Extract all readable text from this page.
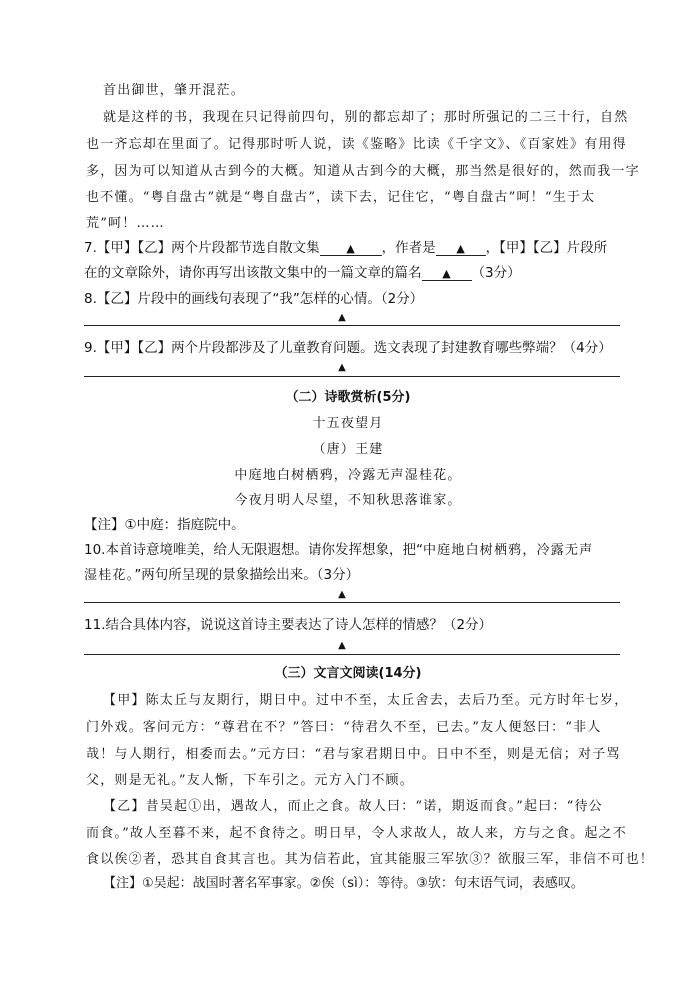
首出御世，肇开混茫。
就是这样的书，我现在只记得前四句，别的都忘却了；那时所强记的二三十行，自然
也一齐忘却在里面了。记得那时听人说，读《鉴略》比读《千字文》、《百家姓》有用得
多，因为可以知道从古到今的大概。知道从古到今的大概，那当然是很好的，然而我一字
也不懂。“粤自盘古”就是“粤自盘古”，读下去，记住它，“粤自盘古”呵！“生于太
荒”呵！……
7.【甲】【乙】两个片段都节选自散文集 ▲ ，作者是 ▲ ，【甲】【乙】片段所
在的文章除外，请你再写出该散文集中的一篇文章的篇名 ▲ （3分）
8.【乙】片段中的画线句表现了“我”怎样的心情。（2分）
▲
9.【甲】【乙】两个片段都涉及了儿童教育问题。选文表现了封建教育哪些弊端？（4分）
▲
（二）诗歌赏析(5分)
十五夜望月
（唐）王建
中庭地白树栖鸦，冷露无声湿桂花。
今夜月明人尽望，不知秋思落谁家。
【注】①中庭：指庭院中。
10.本首诗意境唯美，给人无限遐想。请你发挥想象，把“中庭地白树栖鸦，冷露无声
湿桂花。”两句所呈现的景象描绘出来。（3分）
▲
11.结合具体内容，说说这首诗主要表达了诗人怎样的情感？（2分）
▲
（三）文言文阅读(14分)
【甲】陈太丘与友期行，期日中。过中不至，太丘舍去，去后乃至。元方时年七岁，
门外戏。客问元方：“尊君在不？”答曰：“待君久不至，已去。”友人便怒曰：“非人
哉！与人期行，相委而去。”元方曰：“君与家君期日中。日中不至，则是无信；对子骂
父，则是无礼。”友人惭，下车引之。元方入门不顾。
【乙】昔吴起①出，遇故人，而止之食。故人曰：“诺，期返而食。”起曰：“待公
而食。”故人至暮不来，起不食待之。明日早，令人求故人，故人来，方与之食。起之不
食以俟②者，恐其自食其言也。其为信若此，宜其能服三军欤③？欲服三军，非信不可也！
【注】①吴起：战国时著名军事家。②俟（sì）：等待。③欤：句末语气词，表感叹。
